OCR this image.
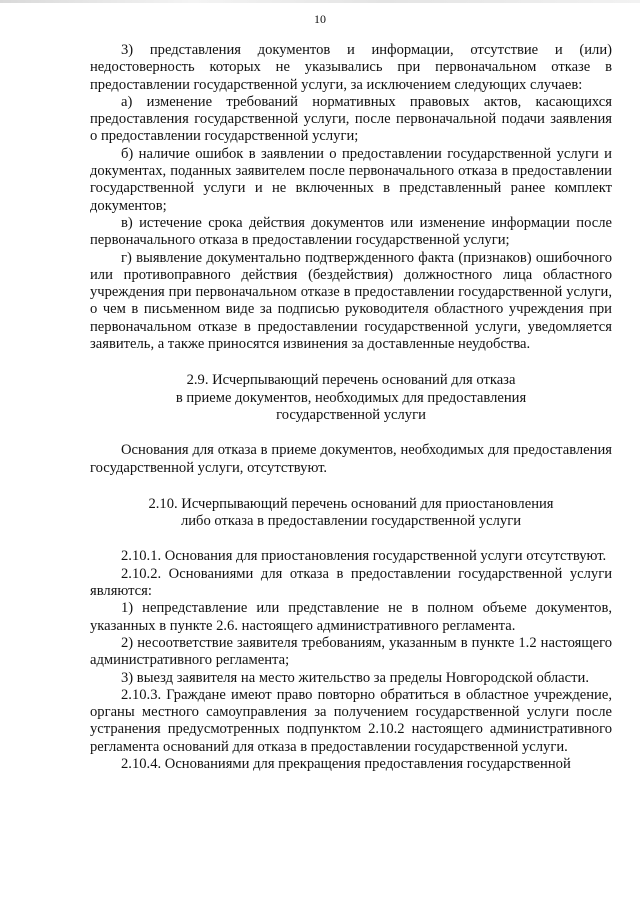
10

3) представления документов и информации, отсутствие и (или) недостоверность которых не указывались при первоначальном отказе в предоставлении государственной услуги, за исключением следующих случаев:

а) изменение требований нормативных правовых актов, касающихся предоставления государственной услуги, после первоначальной подачи заявления о предоставлении государственной услуги;

б) наличие ошибок в заявлении о предоставлении государственной услуги и документах, поданных заявителем после первоначального отказа в предоставлении государственной услуги и не включенных в представленный ранее комплект документов;

в) истечение срока действия документов или изменение информации после первоначального отказа в предоставлении государственной услуги;

г) выявление документально подтвержденного факта (признаков) ошибочного или противоправного действия (бездействия) должностного лица областного учреждения при первоначальном отказе в предоставлении государственной услуги, о чем в письменном виде за подписью руководителя областного учреждения при первоначальном отказе в предоставлении государственной услуги, уведомляется заявитель, а также приносятся извинения за доставленные неудобства.

2.9. Исчерпывающий перечень оснований для отказа
в приеме документов, необходимых для предоставления
государственной услуги

Основания для отказа в приеме документов, необходимых для предоставления государственной услуги, отсутствуют.

2.10. Исчерпывающий перечень оснований для приостановления
либо отказа в предоставлении государственной услуги

2.10.1. Основания для приостановления государственной услуги отсутствуют.

2.10.2. Основаниями для отказа в предоставлении государственной услуги являются:

1) непредставление или представление не в полном объеме документов, указанных в пункте 2.6. настоящего административного регламента.

2) несоответствие заявителя требованиям, указанным в пункте 1.2 настоящего административного регламента;

3) выезд заявителя на место жительство за пределы Новгородской области.

2.10.3. Граждане имеют право повторно обратиться в областное учреждение, органы местного самоуправления за получением государственной услуги после устранения предусмотренных подпунктом 2.10.2 настоящего административного регламента оснований для отказа в предоставлении государственной услуги.

2.10.4. Основаниями для прекращения предоставления государственной
